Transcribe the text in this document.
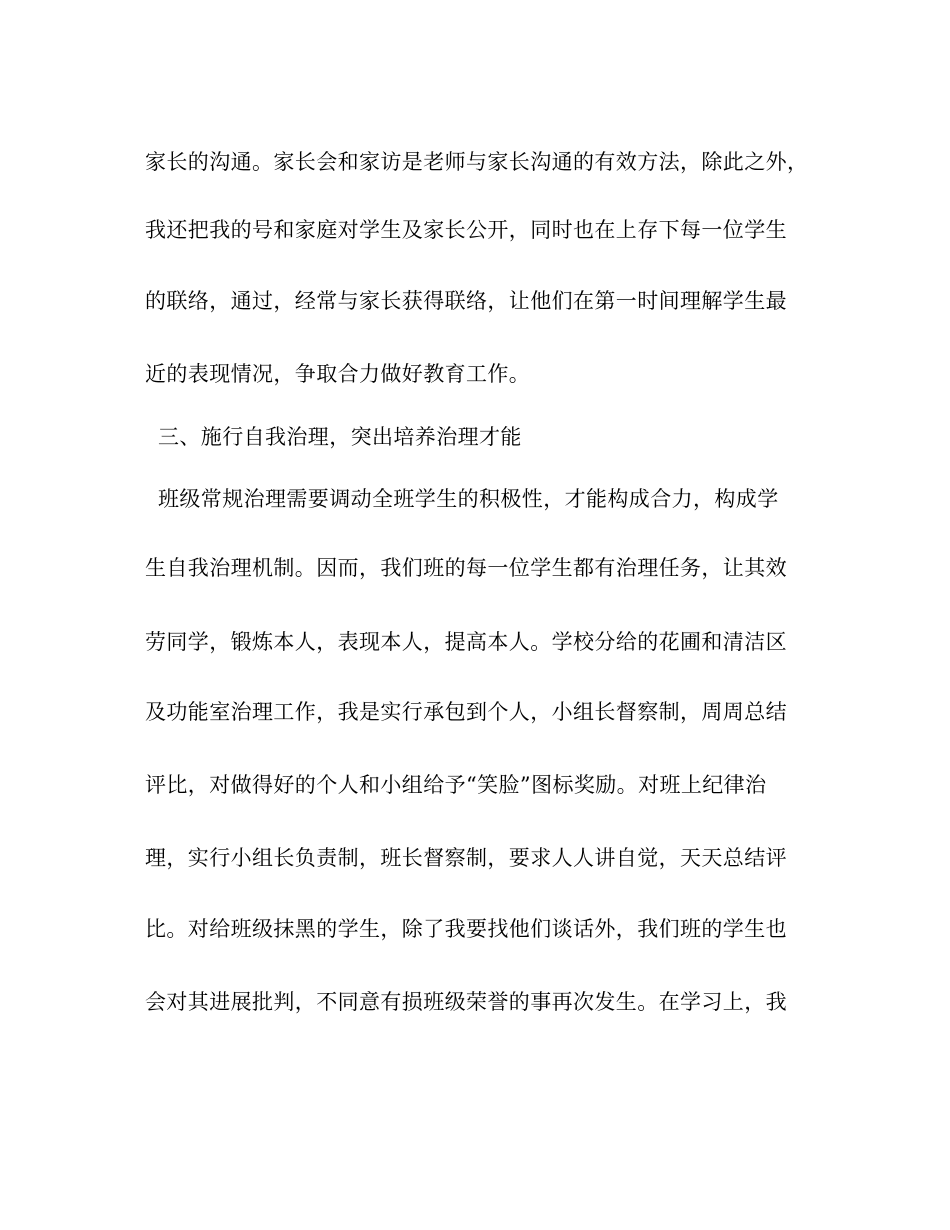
家长的沟通。家长会和家访是老师与家长沟通的有效方法，除此之外，
我还把我的号和家庭对学生及家长公开，同时也在上存下每一位学生
的联络，通过，经常与家长获得联络，让他们在第一时间理解学生最
近的表现情况，争取合力做好教育工作。
三、施行自我治理，突出培养治理才能
班级常规治理需要调动全班学生的积极性，才能构成合力，构成学
生自我治理机制。因而，我们班的每一位学生都有治理任务，让其效
劳同学，锻炼本人，表现本人，提高本人。学校分给的花圃和清洁区
及功能室治理工作，我是实行承包到个人，小组长督察制，周周总结
评比，对做得好的个人和小组给予“笑脸”图标奖励。对班上纪律治
理，实行小组长负责制，班长督察制，要求人人讲自觉，天天总结评
比。对给班级抹黑的学生，除了我要找他们谈话外，我们班的学生也
会对其进展批判，不同意有损班级荣誉的事再次发生。在学习上，我
